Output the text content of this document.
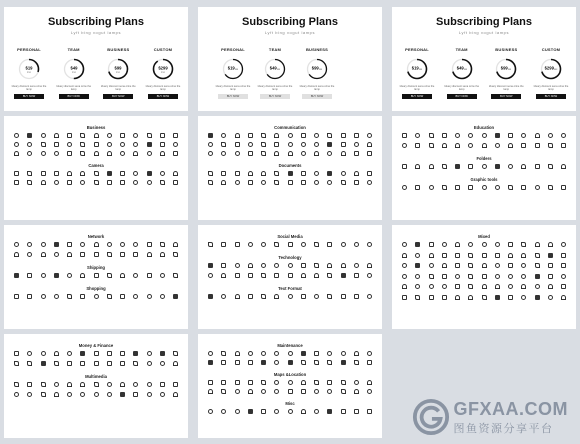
Subscribing Plans
Lyft bing vogut lamps
PERSONAL
$19
/mo
Iduary discount sena orine the lamp
BUY NOW
TEAM
$49
/mo
Iduary discount sena orine the lamp
BUY NOW
BUSINESS
$99
/mo
Iduary discount sena orine the lamp
BUY NOW
CUSTOM
$299
/mo
Iduary discount sena orine the lamp
BUY NOW
Subscribing Plans
Lyft bing vogut lamps
PERSONAL
$19...
Iduary discount sena orine the lamp
BUY NOW
TEAM
$49...
Iduary discount sena orine the lamp
BUY NOW
BUSINESS
$99...
Iduary discount sena orine the lamp
BUY NOW
Subscribing Plans
Lyft bing vogut lamps
PERSONAL
$19...
Iduary discount sena orine the lamp
BUY NOW
TEAM
$49...
Iduary discount sena orine the lamp
BUY NOW
BUSINESS
$99...
Iduary discount sena orine the lamp
BUY NOW
CUSTOM
$299...
Iduary discount sena orine the lamp
BUY NOW
Business
Camera
Communication
Documents
Education
Folders
Graphic tools
Network
Shipping
Shopping
Social Media
Technology
Text Format
Mixed
Money & Finance
Multimedia
Maintenance
Maps &Location
Misc	GFXAA.COM
图鱼资源分享平台
